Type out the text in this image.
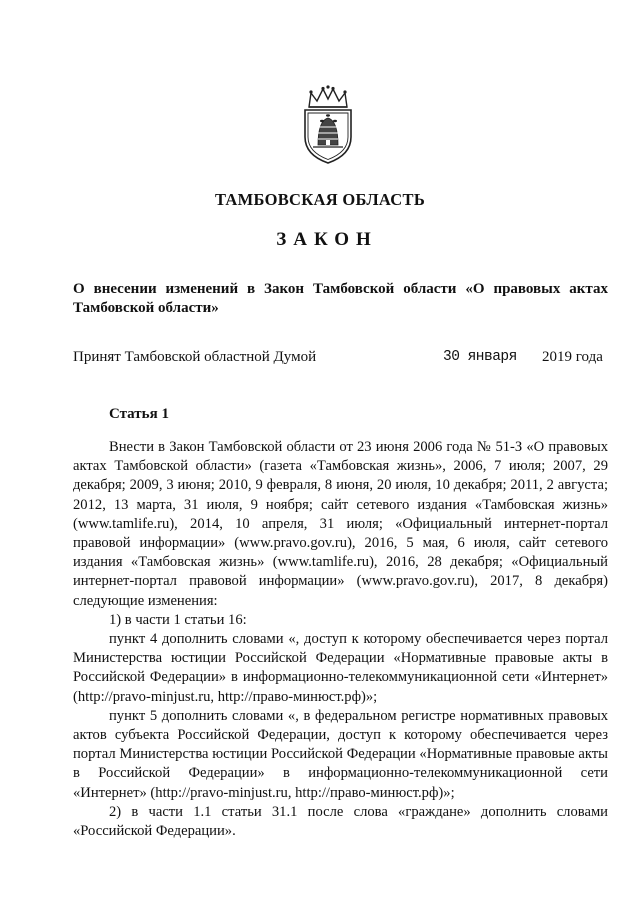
ТАМБОВСКАЯ ОБЛАСТЬ
ЗАКОН
О внесении изменений в Закон Тамбовской области «О правовых актах Тамбовской области»
Принят Тамбовской областной Думой	30 января 2019 года
Статья 1

Внести в Закон Тамбовской области от 23 июня 2006 года № 51-З «О правовых актах Тамбовской области» (газета «Тамбовская жизнь», 2006, 7 июля; 2007, 29 декабря; 2009, 3 июня; 2010, 9 февраля, 8 июня, 20 июля, 10 декабря; 2011, 2 августа; 2012, 13 марта, 31 июля, 9 ноября; сайт сетевого издания «Тамбовская жизнь» (www.tamlife.ru), 2014, 10 апреля, 31 июля; «Официальный интернет-портал правовой информации» (www.pravo.gov.ru), 2016, 5 мая, 6 июля, сайт сетевого издания «Тамбовская жизнь» (www.tamlife.ru), 2016, 28 декабря; «Официальный интернет-портал правовой информации» (www.pravo.gov.ru), 2017, 8 декабря) следующие изменения:

1) в части 1 статьи 16:

пункт 4 дополнить словами «, доступ к которому обеспечивается через портал Министерства юстиции Российской Федерации «Нормативные правовые акты в Российской Федерации» в информационно-телекоммуникационной сети «Интернет» (http://pravo-minjust.ru, http://право-минюст.рф)»;

пункт 5 дополнить словами «, в федеральном регистре нормативных правовых актов субъекта Российской Федерации, доступ к которому обеспечивается через портал Министерства юстиции Российской Федерации «Нормативные правовые акты в Российской Федерации» в информационно-телекоммуникационной сети «Интернет» (http://pravo-minjust.ru, http://право-минюст.рф)»;

2) в части 1.1 статьи 31.1 после слова «граждане» дополнить словами «Российской Федерации».
